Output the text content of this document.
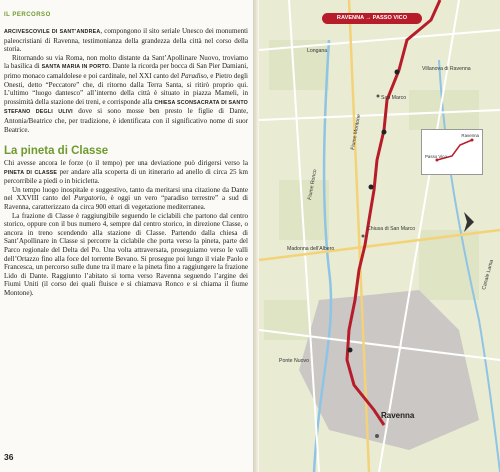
IL PERCORSO

ARCIVESCOVILE DI SANT’ANDREA, compongono il sito seriale Unesco dei monumenti paleocristiani di Ravenna, testimonianza della grandezza della città nel corso della storia.

Ritornando su via Roma, non molto distante da Sant’Apollinare Nuovo, troviamo la basilica di SANTA MARIA IN PORTO. Dante la ricorda per bocca di San Pier Damiani, primo monaco camaldolese e poi cardinale, nel XXI canto del Paradiso, e Pietro degli Onesti, detto “Peccatore” che, di ritorno dalla Terra Santa, si ritirò proprio qui. L’ultimo “luogo dantesco” all’interno della città è situato in piazza Mameli, in prossimità della stazione dei treni, e corrisponde alla CHIESA SCONSACRATA DI SANTO STEFANO DEGLI ULIVI dove si sono mosse ben presto le figlie di Dante, Antonia/Beatrice che, per tradizione, è identificata con il significativo nome di suor Beatrice.

La pineta di Classe

Chi avesse ancora le forze (o il tempo) per una deviazione può dirigersi verso la PINETA DI CLASSE per andare alla scoperta di un itinerario ad anello di circa 25 km percorribile a piedi o in bicicletta.

Un tempo luogo inospitale e suggestivo, tanto da meritarsi una citazione da Dante nel XXVIII canto del Purgatorio, è oggi un vero “paradiso terrestre” a sud di Ravenna, caratterizzato da circa 900 ettari di vegetazione mediterranea.

La frazione di Classe è raggiungibile seguendo le ciclabili che partono dal centro storico, oppure con il bus numero 4, sempre dal centro storico, in direzione Classe, o ancora in treno scendendo alla stazione di Classe. Partendo dalla chiesa di Sant’Apollinare in Classe si percorre la ciclabile che porta verso la pineta, parte del Parco regionale del Delta del Po. Una volta attraversata, proseguiamo verso le valli dell’Ortazzo fino alla foce del torrente Bevano. Si prosegue poi lungo il viale Paolo e Francesca, un percorso sulle dune tra il mare e la pineta fino a raggiungere la frazione Lido di Dante. Raggiunto l’abitato si torna verso Ravenna seguendo l’argine dei Fiumi Uniti (il corso dei quali fluisce e si chiamava Ronco e si chiama il fiume Montone).

36
Longana
Villanova di Ravenna
San Marco
Chiusa di San Marco
Madonna dell’Albero
Ponte Nuovo
Ravenna
Fiume Ronco
Fiume Montone
Canale Lama
RAVENNA → PASSO VICO
Ravenna
Passo Vico
